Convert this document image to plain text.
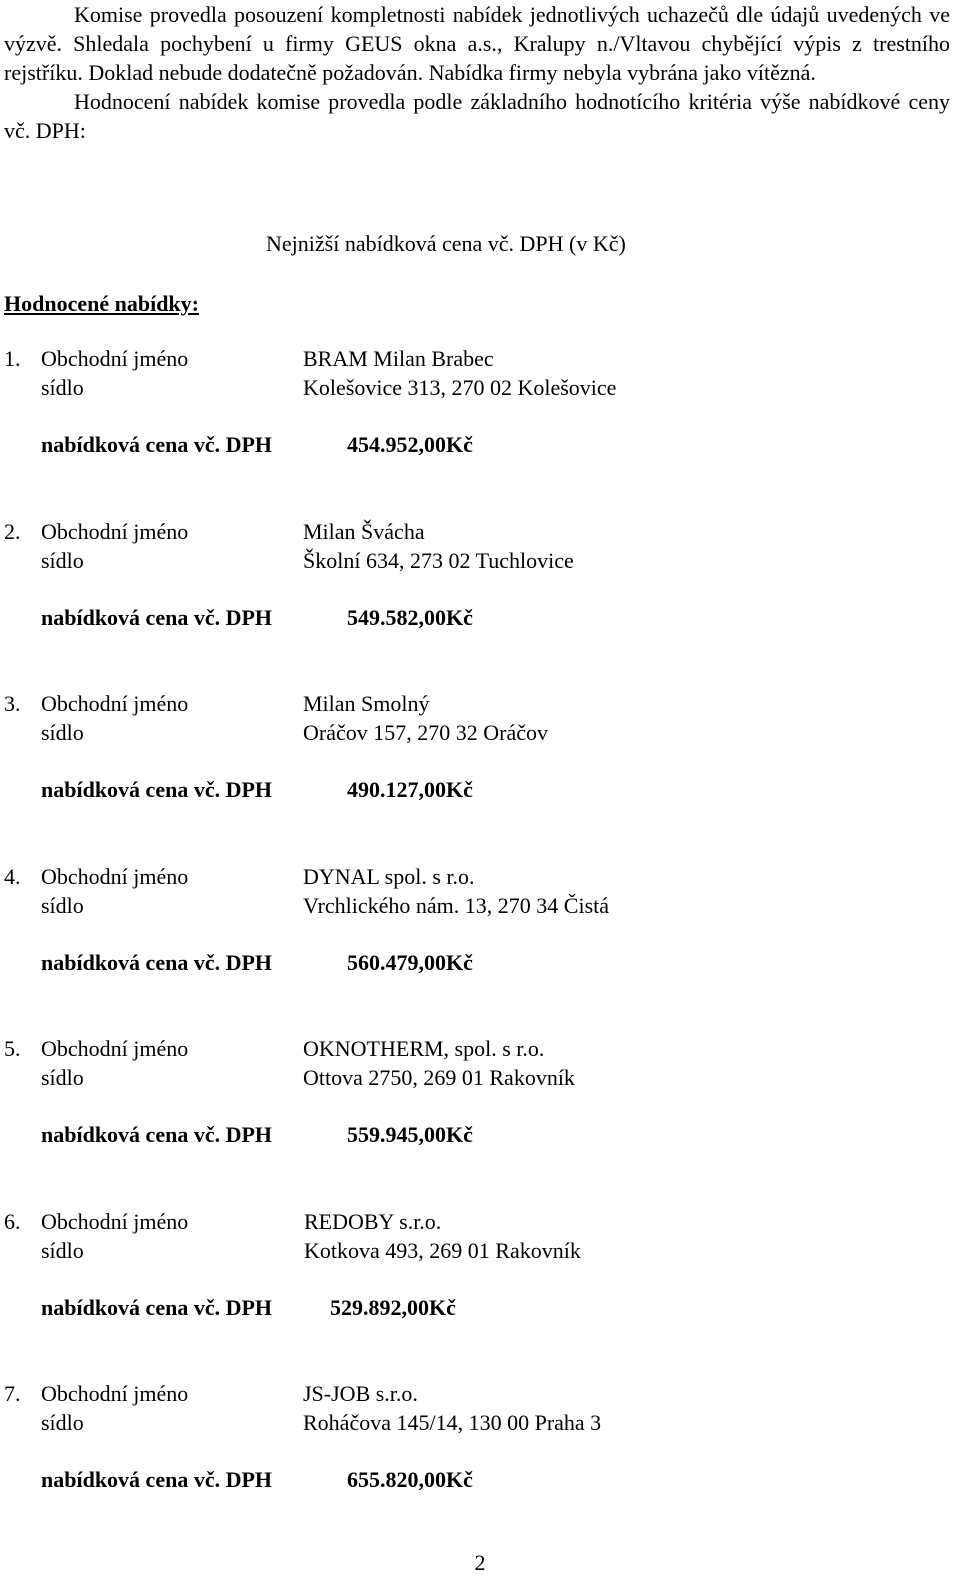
Komise provedla posouzení kompletnosti nabídek jednotlivých uchazečů dle údajů uvedených ve výzvě. Shledala pochybení u firmy GEUS okna a.s., Kralupy n./Vltavou chybějící výpis z trestního rejstříku. Doklad nebude dodatečně požadován. Nabídka firmy nebyla vybrána jako vítězná.

Hodnocení nabídek komise provedla podle základního hodnotícího kritéria výše nabídkové ceny vč. DPH:

Nejnižší nabídková cena vč. DPH (v Kč)
Hodnocené nabídky:
1. Obchodní jméno	BRAM Milan Brabec
sídlo	Kolešovice 313, 270 02 Kolešovice
nabídková cena vč. DPH	454.952,00Kč
2. Obchodní jméno	Milan Švácha
sídlo	Školní 634, 273 02 Tuchlovice
nabídková cena vč. DPH	549.582,00Kč
3. Obchodní jméno	Milan Smolný
sídlo	Oráčov 157, 270 32 Oráčov
nabídková cena vč. DPH	490.127,00Kč
4. Obchodní jméno	DYNAL spol. s r.o.
sídlo	Vrchlického nám. 13, 270 34 Čistá
nabídková cena vč. DPH	560.479,00Kč
5. Obchodní jméno	OKNOTHERM, spol. s r.o.
sídlo	Ottova 2750, 269 01 Rakovník
nabídková cena vč. DPH	559.945,00Kč
6. Obchodní jméno	REDOBY s.r.o.
sídlo	Kotkova 493, 269 01 Rakovník
nabídková cena vč. DPH	529.892,00Kč
7. Obchodní jméno	JS-JOB s.r.o.
sídlo	Roháčova 145/14, 130 00 Praha 3
nabídková cena vč. DPH	655.820,00Kč
2
